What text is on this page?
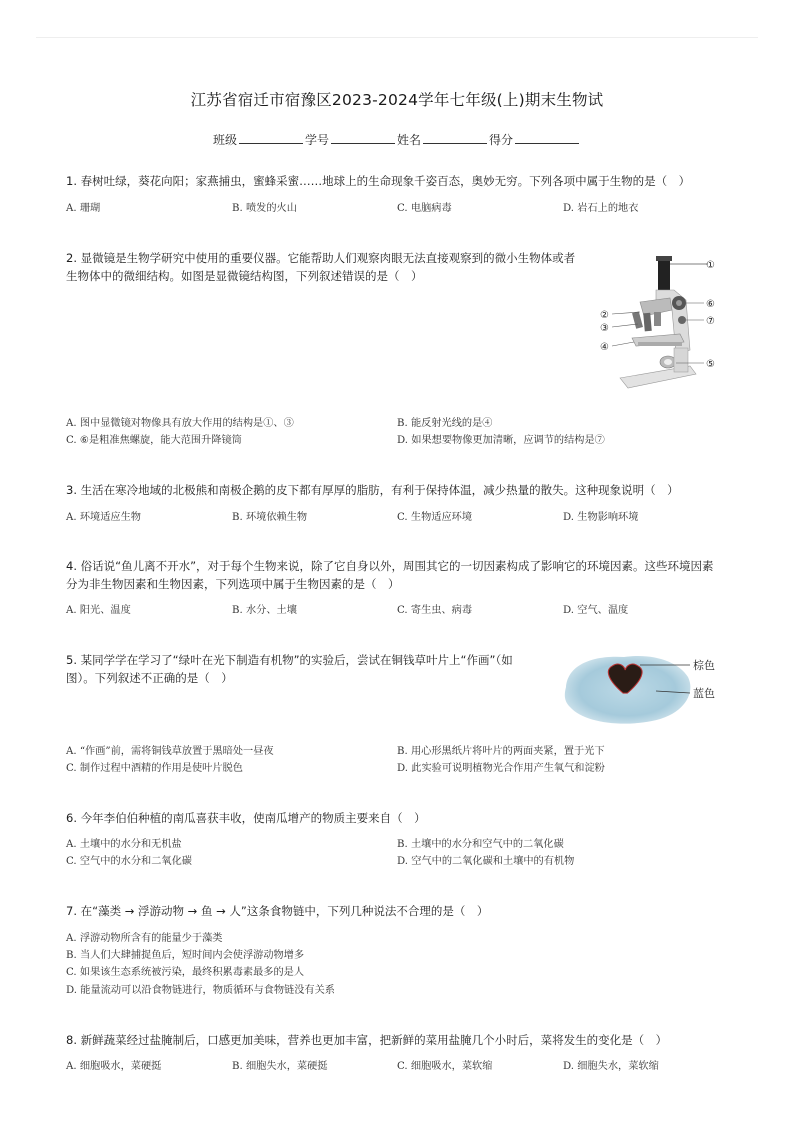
江苏省宿迁市宿豫区2023-2024学年七年级(上)期末生物试
班级	学号	姓名	得分
1. 春树吐绿，葵花向阳；家燕捕虫，蜜蜂采蜜……地球上的生命现象千姿百态，奥妙无穷。下列各项中属于生物的是（　）
A. 珊瑚	B. 喷发的火山	C. 电脑病毒	D. 岩石上的地衣
2. 显微镜是生物学研究中使用的重要仪器。它能帮助人们观察肉眼无法直接观察到的微小生物体或者
生物体中的微细结构。如图是显微镜结构图，下列叙述错误的是（　）
①
②
③
④
⑤
⑥
⑦
A. 图中显微镜对物像具有放大作用的结构是①、③	B. 能反射光线的是④
C. ⑥是粗准焦螺旋，能大范围升降镜筒	D. 如果想要物像更加清晰，应调节的结构是⑦
3. 生活在寒冷地域的北极熊和南极企鹅的皮下都有厚厚的脂肪，有利于保持体温，减少热量的散失。这种现象说明（　）
A. 环境适应生物	B. 环境依赖生物	C. 生物适应环境	D. 生物影响环境
4. 俗话说“鱼儿离不开水”，对于每个生物来说，除了它自身以外，周围其它的一切因素构成了影响它的环境因素。这些环境因素
分为非生物因素和生物因素，下列选项中属于生物因素的是（　）
A. 阳光、温度	B. 水分、土壤	C. 寄生虫、病毒	D. 空气、温度
5. 某同学学在学习了“绿叶在光下制造有机物”的实验后，尝试在铜钱草叶片上“作画”（如
图）。下列叙述不正确的是（　）
棕色
蓝色
A. “作画”前，需将铜钱草放置于黑暗处一昼夜	B. 用心形黑纸片将叶片的两面夹紧，置于光下
C. 制作过程中酒精的作用是使叶片脱色	D. 此实验可说明植物光合作用产生氧气和淀粉
6. 今年李伯伯种植的南瓜喜获丰收，使南瓜增产的物质主要来自（　）
A. 土壤中的水分和无机盐	B. 土壤中的水分和空气中的二氧化碳
C. 空气中的水分和二氧化碳	D. 空气中的二氧化碳和土壤中的有机物
7. 在“藻类 → 浮游动物 → 鱼 → 人”这条食物链中，下列几种说法不合理的是（　）
A. 浮游动物所含有的能量少于藻类
B. 当人们大肆捕捉鱼后，短时间内会使浮游动物增多
C. 如果该生态系统被污染，最终积累毒素最多的是人
D. 能量流动可以沿食物链进行，物质循环与食物链没有关系
8. 新鲜蔬菜经过盐腌制后，口感更加美味，营养也更加丰富，把新鲜的菜用盐腌几个小时后，菜将发生的变化是（　）
A. 细胞吸水，菜硬挺	B. 细胞失水，菜硬挺	C. 细胞吸水，菜软缩	D. 细胞失水，菜软缩
